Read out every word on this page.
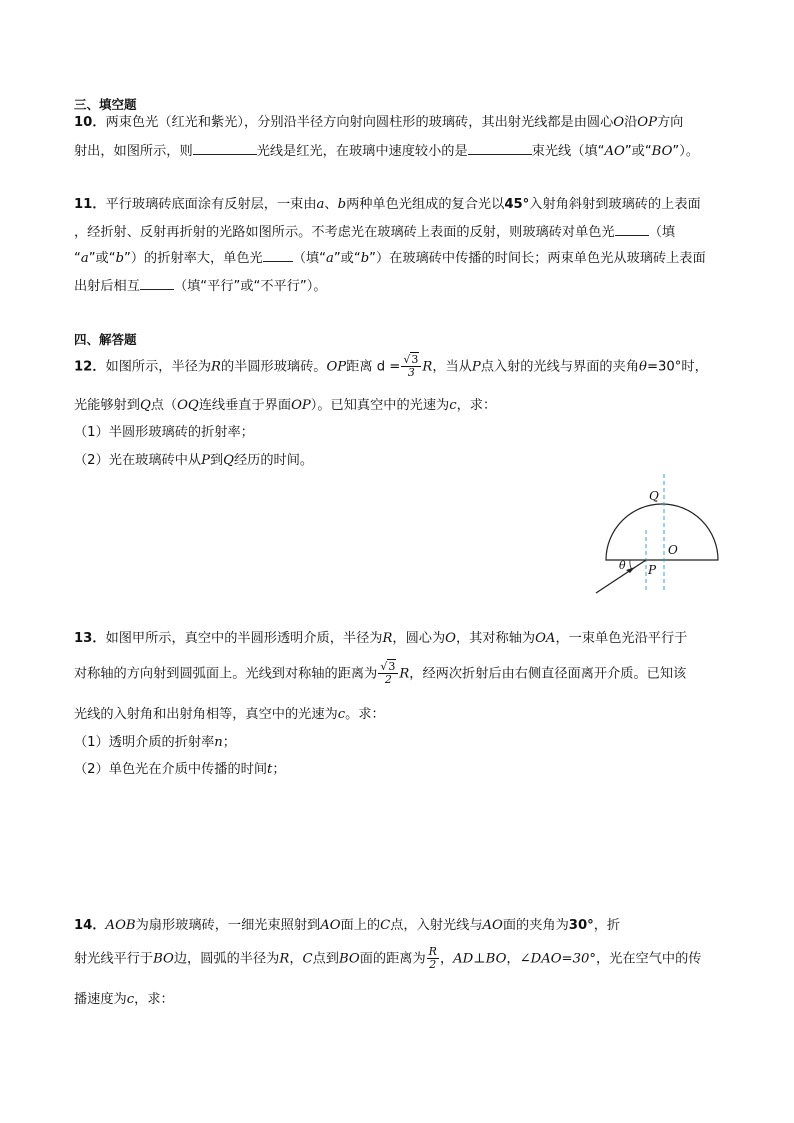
三、填空题
10．两束色光（红光和紫光），分别沿半径方向射向圆柱形的玻璃砖，其出射光线都是由圆心O沿OP方向
射出，如图所示，则	光线是红光，在玻璃中速度较小的是	束光线（填“AO”或“BO”）。
11．平行玻璃砖底面涂有反射层，一束由a、b两种单色光组成的复合光以45°入射角斜射到玻璃砖的上表面
，经折射、反射再折射的光路如图所示。不考虑光在玻璃砖上表面的反射，则玻璃砖对单色光	（填
“a”或“b”）的折射率大，单色光 （填“a”或“b”）在玻璃砖中传播的时间长；两束单色光从玻璃砖上表面
出射后相互	（填“平行”或“不平行”）。
四、解答题
12．如图所示，半径为R的半圆形玻璃砖。OP距离 $d = \frac{√3}{3}$ R，当从P点入射的光线与界面的夹角θ=30°时，
光能够射到Q点（OQ连线垂直于界面OP）。已知真空中的光速为c，求：
（1）半圆形玻璃砖的折射率；
（2）光在玻璃砖中从P到Q经历的时间。
θ
Q
O
P
13．如图甲所示，真空中的半圆形透明介质，半径为R，圆心为O，其对称轴为OA，一束单色光沿平行于
对称轴的方向射到圆弧面上。光线到对称轴的距离为 $\frac{√3}{2}$ R，经两次折射后由右侧直径面离开介质。已知该
光线的入射角和出射角相等，真空中的光速为c。求：
（1）透明介质的折射率n；
（2）单色光在介质中传播的时间t；
14．AOB为扇形玻璃砖，一细光束照射到AO面上的C点，入射光线与AO面的夹角为30°，折
射光线平行于BO边，圆弧的半径为R，C点到BO面的距离为 $\frac{R}{2}$ ，AD⊥BO，∠DAO=30°，光在空气中的传
播速度为c，求：
